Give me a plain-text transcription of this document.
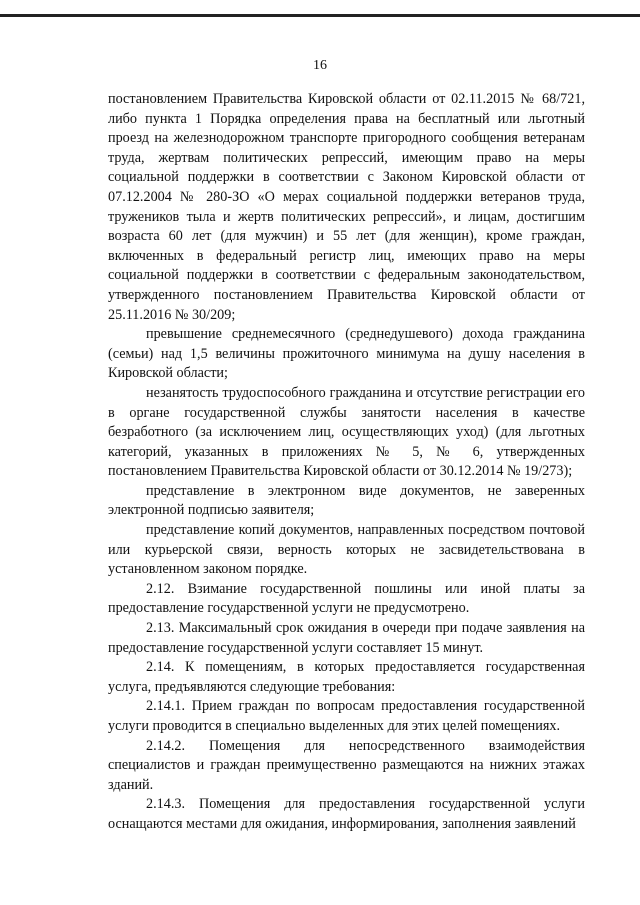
16

постановлением Правительства Кировской области от 02.11.2015 № 68/721, либо пункта 1 Порядка определения права на бесплатный или льготный проезд на железнодорожном транспорте пригородного сообщения ветеранам труда, жертвам политических репрессий, имеющим право на меры социальной поддержки в соответствии с Законом Кировской области от 07.12.2004 № 280-ЗО «О мерах социальной поддержки ветеранов труда, тружеников тыла и жертв политических репрессий», и лицам, достигшим возраста 60 лет (для мужчин) и 55 лет (для женщин), кроме граждан, включенных в федеральный регистр лиц, имеющих право на меры социальной поддержки в соответствии с федеральным законодательством, утвержденного постановлением Правительства Кировской области от 25.11.2016 № 30/209;

превышение среднемесячного (среднедушевого) дохода гражданина (семьи) над 1,5 величины прожиточного минимума на душу населения в Кировской области;

незанятость трудоспособного гражданина и отсутствие регистрации его в органе государственной службы занятости населения в качестве безработного (за исключением лиц, осуществляющих уход) (для льготных категорий, указанных в приложениях № 5, № 6, утвержденных постановлением Правительства Кировской области от 30.12.2014 № 19/273);

представление в электронном виде документов, не заверенных электронной подписью заявителя;

представление копий документов, направленных посредством почтовой или курьерской связи, верность которых не засвидетельствована в установленном законом порядке.

2.12. Взимание государственной пошлины или иной платы за предоставление государственной услуги не предусмотрено.

2.13. Максимальный срок ожидания в очереди при подаче заявления на предоставление государственной услуги составляет 15 минут.

2.14. К помещениям, в которых предоставляется государственная услуга, предъявляются следующие требования:

2.14.1. Прием граждан по вопросам предоставления государственной услуги проводится в специально выделенных для этих целей помещениях.

2.14.2. Помещения для непосредственного взаимодействия специалистов и граждан преимущественно размещаются на нижних этажах зданий.

2.14.3. Помещения для предоставления государственной услуги оснащаются местами для ожидания, информирования, заполнения заявлений
